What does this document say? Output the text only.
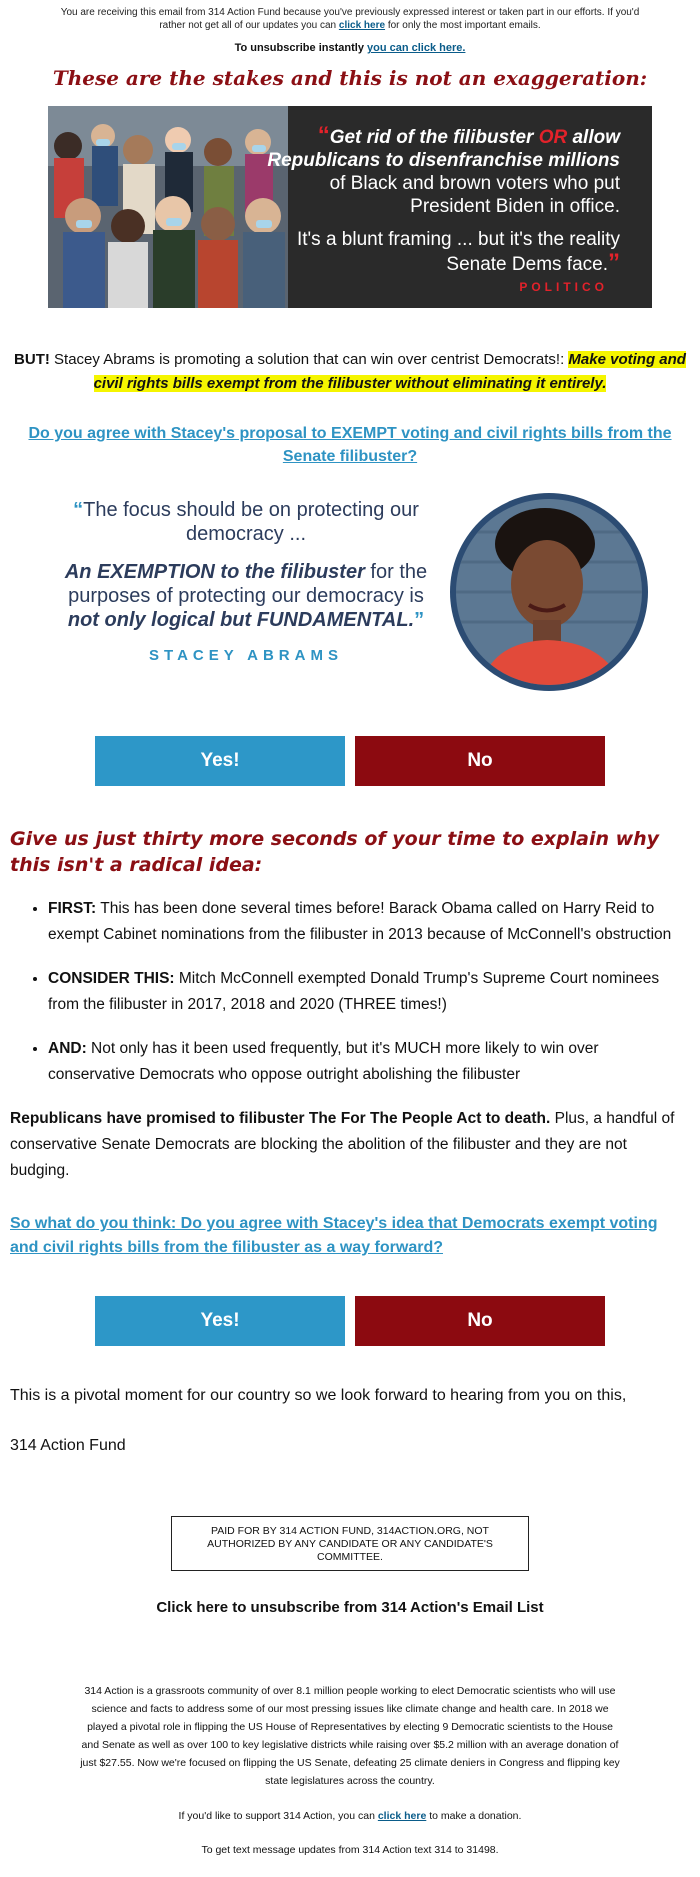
You are receiving this email from 314 Action Fund because you've previously expressed interest or taken part in our efforts. If you'd rather not get all of our updates you can click here for only the most important emails.
To unsubscribe instantly you can click here.
These are the stakes and this is not an exaggeration:
“Get rid of the filibuster OR allow Republicans to disenfranchise millions of Black and brown voters who put President Biden in office.
It's a blunt framing ... but it's the reality Senate Dems face.”
POLITICO
BUT! Stacey Abrams is promoting a solution that can win over centrist Democrats!: Make voting and civil rights bills exempt from the filibuster without eliminating it entirely.
Do you agree with Stacey's proposal to EXEMPT voting and civil rights bills from the Senate filibuster?
“The focus should be on protecting our democracy ...
An EXEMPTION to the filibuster for the purposes of protecting our democracy is not only logical but FUNDAMENTAL.”
STACEY ABRAMS
Yes!	No
Give us just thirty more seconds of your time to explain why this isn't a radical idea:
• FIRST: This has been done several times before! Barack Obama called on Harry Reid to exempt Cabinet nominations from the filibuster in 2013 because of McConnell's obstruction
• CONSIDER THIS: Mitch McConnell exempted Donald Trump's Supreme Court nominees from the filibuster in 2017, 2018 and 2020 (THREE times!)
• AND: Not only has it been used frequently, but it's MUCH more likely to win over conservative Democrats who oppose outright abolishing the filibuster
Republicans have promised to filibuster The For The People Act to death. Plus, a handful of conservative Senate Democrats are blocking the abolition of the filibuster and they are not budging.
So what do you think: Do you agree with Stacey's idea that Democrats exempt voting and civil rights bills from the filibuster as a way forward?
Yes!	No
This is a pivotal moment for our country so we look forward to hearing from you on this,
314 Action Fund
PAID FOR BY 314 ACTION FUND, 314ACTION.ORG, NOT AUTHORIZED BY ANY CANDIDATE OR ANY CANDIDATE'S COMMITTEE.
Click here to unsubscribe from 314 Action's Email List
314 Action is a grassroots community of over 8.1 million people working to elect Democratic scientists who will use science and facts to address some of our most pressing issues like climate change and health care. In 2018 we played a pivotal role in flipping the US House of Representatives by electing 9 Democratic scientists to the House and Senate as well as over 100 to key legislative districts while raising over $5.2 million with an average donation of just $27.55. Now we're focused on flipping the US Senate, defeating 25 climate deniers in Congress and flipping key state legislatures across the country.
If you'd like to support 314 Action, you can click here to make a donation.
To get text message updates from 314 Action text 314 to 31498.
